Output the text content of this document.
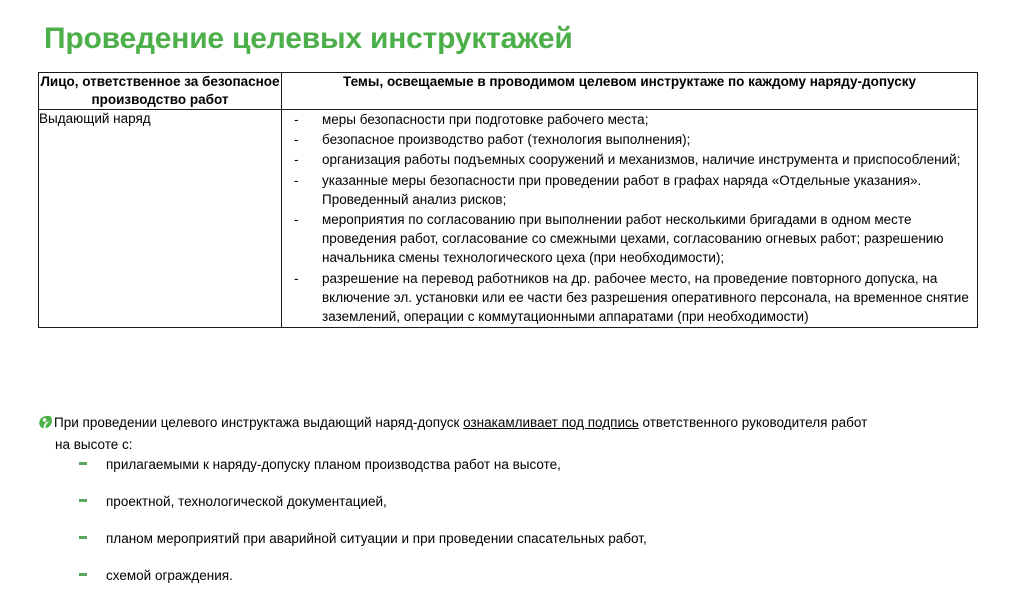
Проведение целевых инструктажей
Лицо, ответственное за безопасное производство работ	Темы, освещаемые в проводимом целевом инструктаже по каждому наряду-допуску
Выдающий наряд	
-меры безопасности при подготовке рабочего места;
- безопасное производство работ (технология выполнения);
- организация работы подъемных сооружений и механизмов, наличие инструмента и приспособлений;
- указанные меры безопасности при проведении работ в графах наряда «Отдельные указания». Проведенный анализ рисков;
- мероприятия по согласованию при выполнении работ несколькими бригадами в одном месте проведения работ, согласование со смежными цехами, согласованию огневых работ; разрешению начальника смены технологического цеха (при необходимости);
- разрешение на перевод работников на др. рабочее место, на проведение повторного допуска, на включение эл. установки или ее части без разрешения оперативного персонала, на временное снятие заземлений, операции с коммутационными аппаратами (при необходимости)
При проведении целевого инструктажа выдающий наряд-допуск ознакамливает под подпись ответственного руководителя работ
на высоте с:
прилагаемыми к наряду-допуску планом производства работ на высоте,
проектной, технологической документацией,
планом мероприятий при аварийной ситуации и при проведении спасательных работ,
схемой ограждения.
